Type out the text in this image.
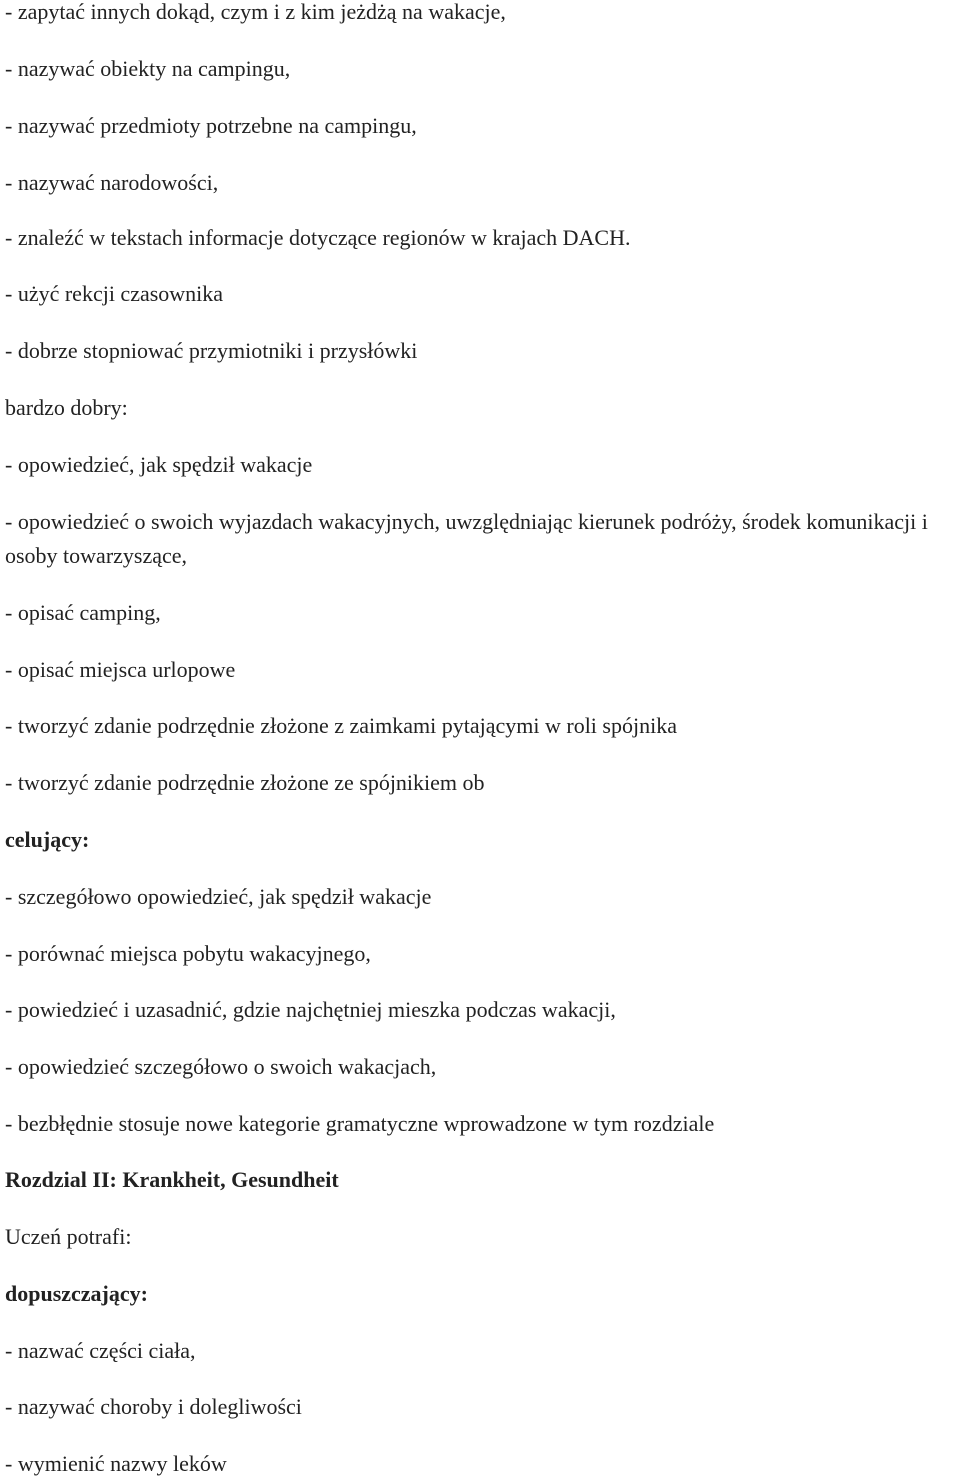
- zapytać innych dokąd, czym i z kim jeżdżą na wakacje,
- nazywać obiekty na campingu,
- nazywać przedmioty potrzebne na campingu,
- nazywać narodowości,
- znaleźć w tekstach informacje dotyczące regionów w krajach DACH.
- użyć rekcji czasownika
- dobrze stopniować przymiotniki i przysłówki
bardzo dobry:
- opowiedzieć, jak spędził wakacje
- opowiedzieć o swoich wyjazdach wakacyjnych, uwzględniając kierunek podróży, środek komunikacji i osoby towarzyszące,
- opisać camping,
- opisać miejsca urlopowe
- tworzyć zdanie podrzędnie złożone z zaimkami pytającymi w roli spójnika
- tworzyć zdanie podrzędnie złożone ze spójnikiem ob
celujący:
- szczegółowo opowiedzieć, jak spędził wakacje
- porównać miejsca pobytu wakacyjnego,
- powiedzieć i uzasadnić, gdzie najchętniej mieszka podczas wakacji,
- opowiedzieć szczegółowo o swoich wakacjach,
- bezbłędnie stosuje nowe kategorie gramatyczne wprowadzone w tym rozdziale
Rozdzial II: Krankheit, Gesundheit
Uczeń potrafi:
dopuszczający:
- nazwać części ciała,
- nazywać choroby i dolegliwości
- wymienić nazwy leków
